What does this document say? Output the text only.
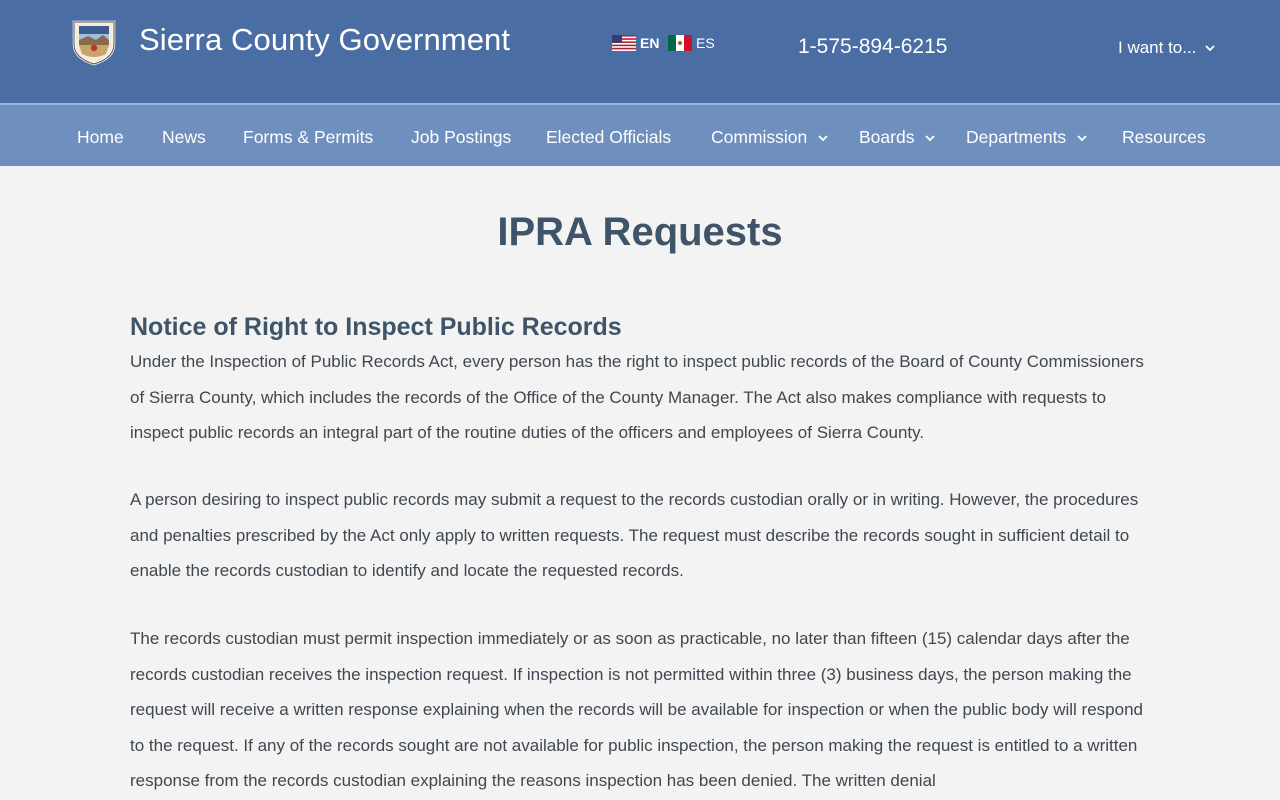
Sierra County Government	EN	ES	1-575-894-6215	I want to...
Home News Forms & Permits Job Postings Elected Officials Commission	Boards	Departments	Resources
IPRA Requests
Notice of Right to Inspect Public Records

Under the Inspection of Public Records Act, every person has the right to inspect public records of the Board of County Commissioners of Sierra County, which includes the records of the Office of the County Manager. The Act also makes compliance with requests to inspect public records an integral part of the routine duties of the officers and employees of Sierra County.

A person desiring to inspect public records may submit a request to the records custodian orally or in writing. However, the procedures and penalties prescribed by the Act only apply to written requests. The request must describe the records sought in sufficient detail to enable the records custodian to identify and locate the requested records.

The records custodian must permit inspection immediately or as soon as practicable, no later than fifteen (15) calendar days after the records custodian receives the inspection request. If inspection is not permitted within three (3) business days, the person making the request will receive a written response explaining when the records will be available for inspection or when the public body will respond to the request. If any of the records sought are not available for public inspection, the person making the request is entitled to a written response from the records custodian explaining the reasons inspection has been denied. The written denial
